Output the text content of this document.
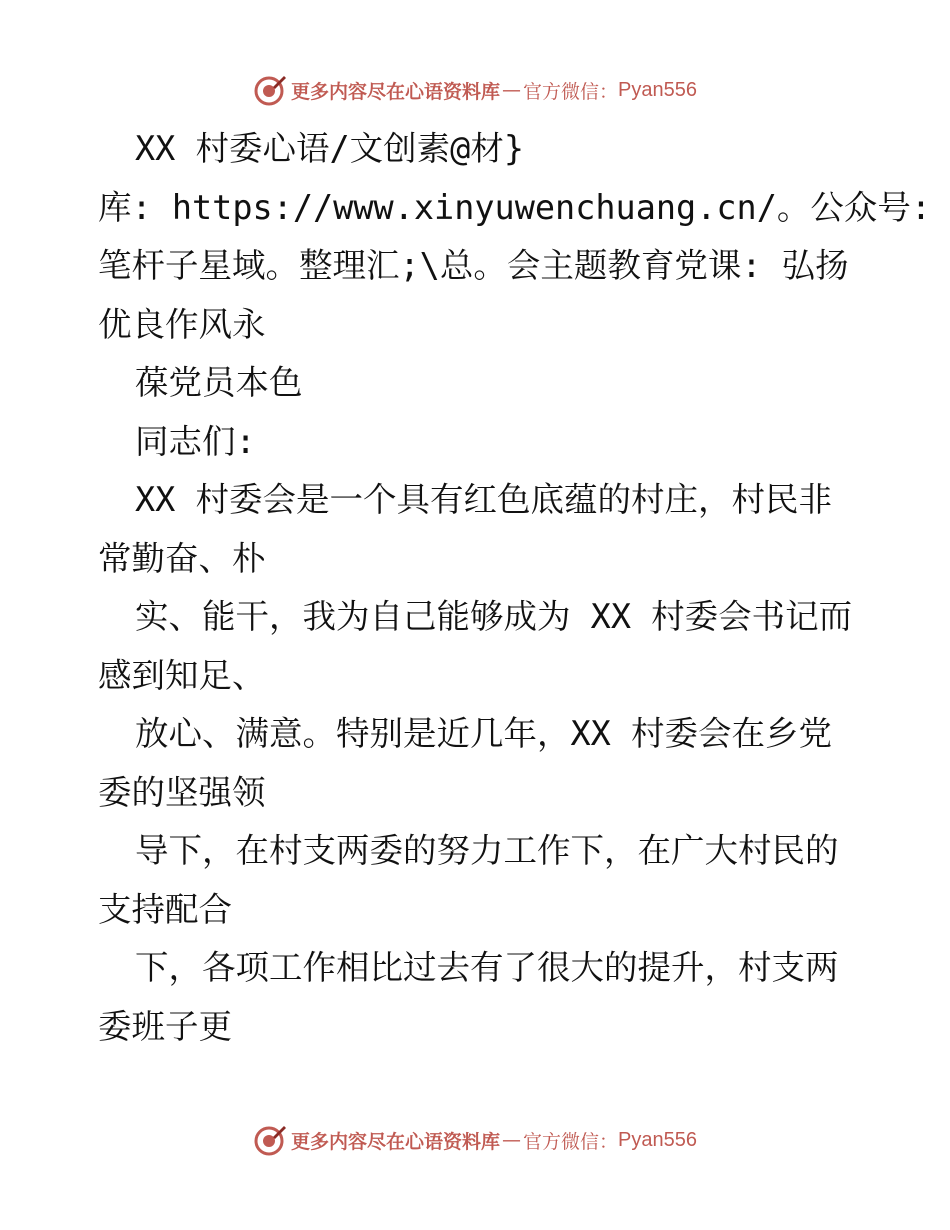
更多内容尽在心语资料库 — 官方微信： Pyan556
XX 村委心语/文创素@材}
库: https://www.xinyuwenchuang.cn/。公众号:
笔杆子星域。整理汇;\总。会主题教育党课: 弘扬
优良作风永
葆党员本色
同志们:
XX 村委会是一个具有红色底蕴的村庄，村民非
常勤奋、朴
实、能干，我为自己能够成为 XX 村委会书记而
感到知足、
放心、满意。特别是近几年，XX 村委会在乡党
委的坚强领
导下，在村支两委的努力工作下，在广大村民的
支持配合
下，各项工作相比过去有了很大的提升，村支两
委班子更
更多内容尽在心语资料库 — 官方微信： Pyan556
